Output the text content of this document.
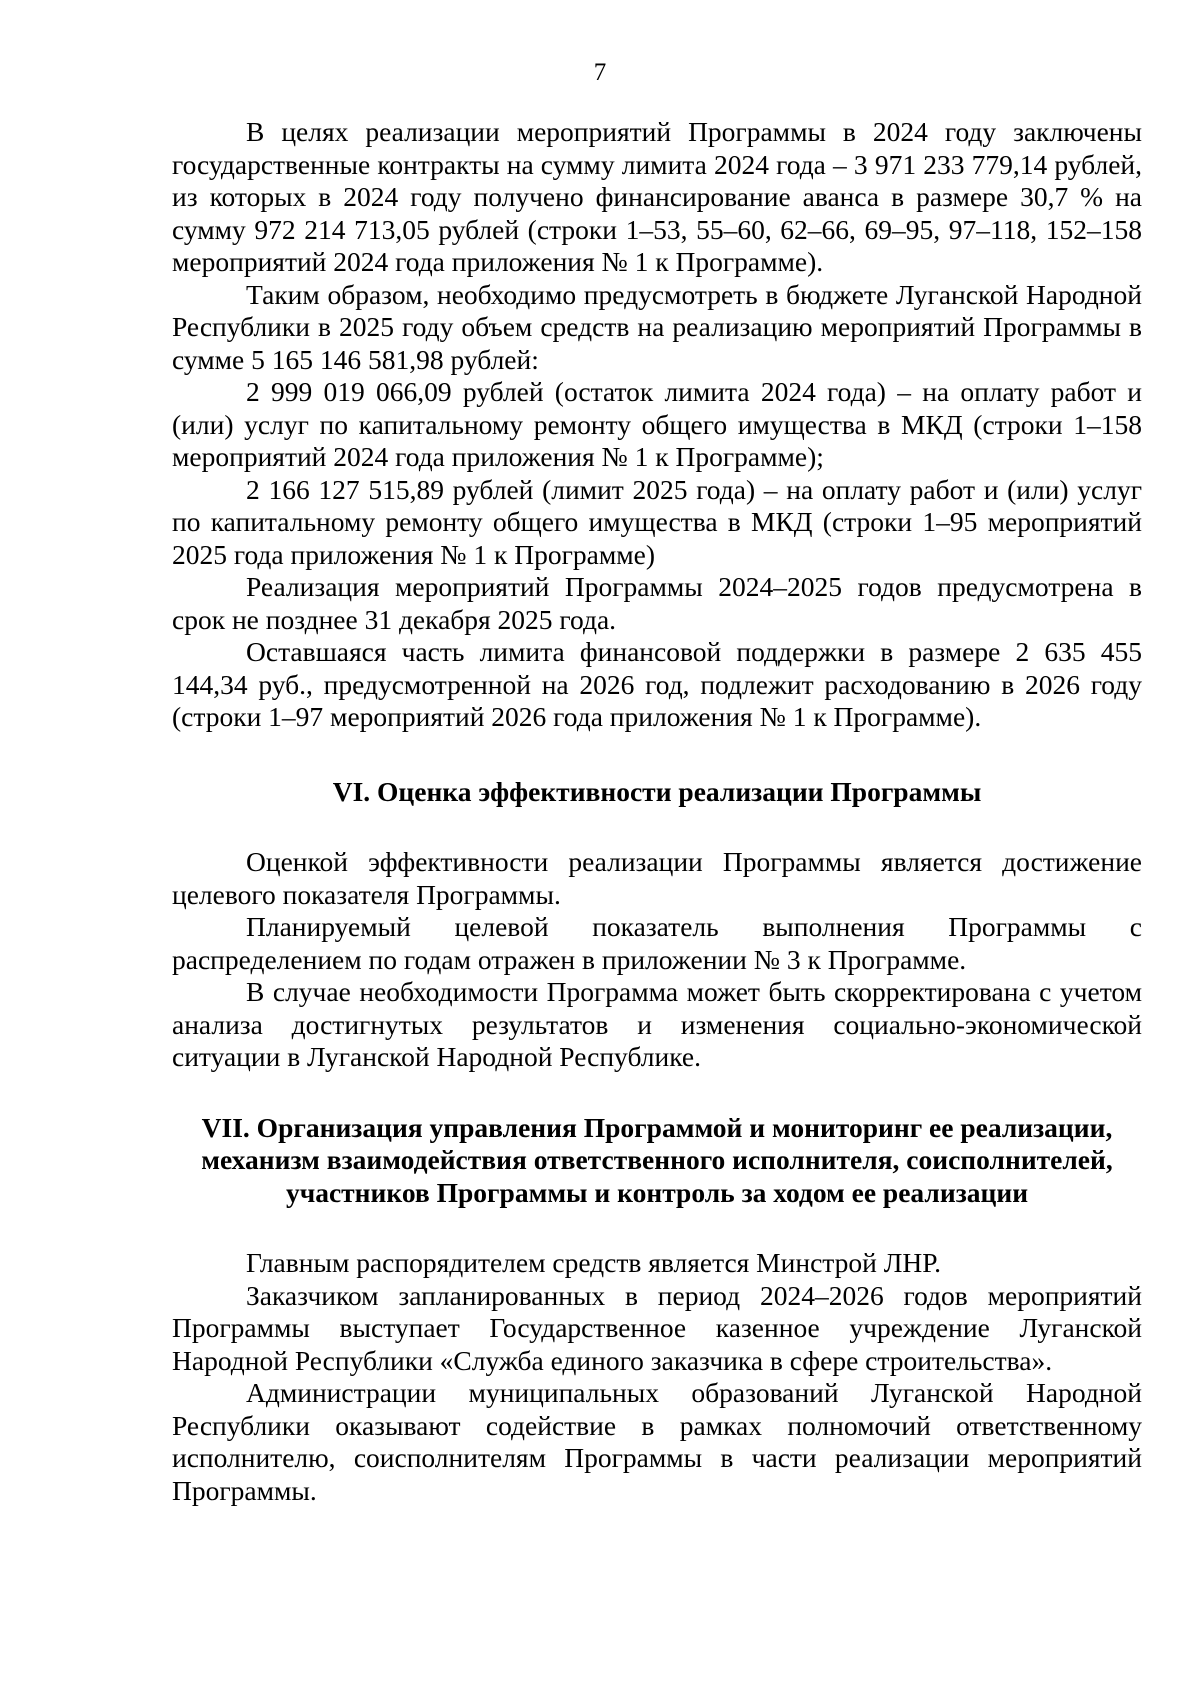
7

В целях реализации мероприятий Программы в 2024 году заключены государственные контракты на сумму лимита 2024 года – 3 971 233 779,14 рублей, из которых в 2024 году получено финансирование аванса в размере 30,7 % на сумму 972 214 713,05 рублей (строки 1–53, 55–60, 62–66, 69–95, 97–118, 152–158 мероприятий 2024 года приложения № 1 к Программе).

Таким образом, необходимо предусмотреть в бюджете Луганской Народной Республики в 2025 году объем средств на реализацию мероприятий Программы в сумме 5 165 146 581,98 рублей:

2 999 019 066,09 рублей (остаток лимита 2024 года) – на оплату работ и (или) услуг по капитальному ремонту общего имущества в МКД (строки 1–158 мероприятий 2024 года приложения № 1 к Программе);

2 166 127 515,89 рублей (лимит 2025 года) – на оплату работ и (или) услуг по капитальному ремонту общего имущества в МКД (строки 1–95 мероприятий 2025 года приложения № 1 к Программе)

Реализация мероприятий Программы 2024–2025 годов предусмотрена в срок не позднее 31 декабря 2025 года.

Оставшаяся часть лимита финансовой поддержки в размере 2 635 455 144,34 руб., предусмотренной на 2026 год, подлежит расходованию в 2026 году (строки 1–97 мероприятий 2026 года приложения № 1 к Программе).

VI. Оценка эффективности реализации Программы

Оценкой эффективности реализации Программы является достижение целевого показателя Программы.

Планируемый целевой показатель выполнения Программы с распределением по годам отражен в приложении № 3 к Программе.

В случае необходимости Программа может быть скорректирована с учетом анализа достигнутых результатов и изменения социально-экономической ситуации в Луганской Народной Республике.

VII. Организация управления Программой и мониторинг ее реализации,
механизм взаимодействия ответственного исполнителя, соисполнителей,
участников Программы и контроль за ходом ее реализации

Главным распорядителем средств является Минстрой ЛНР.

Заказчиком запланированных в период 2024–2026 годов мероприятий Программы выступает Государственное казенное учреждение Луганской Народной Республики «Служба единого заказчика в сфере строительства».

Администрации муниципальных образований Луганской Народной Республики оказывают содействие в рамках полномочий ответственному исполнителю, соисполнителям Программы в части реализации мероприятий Программы.
